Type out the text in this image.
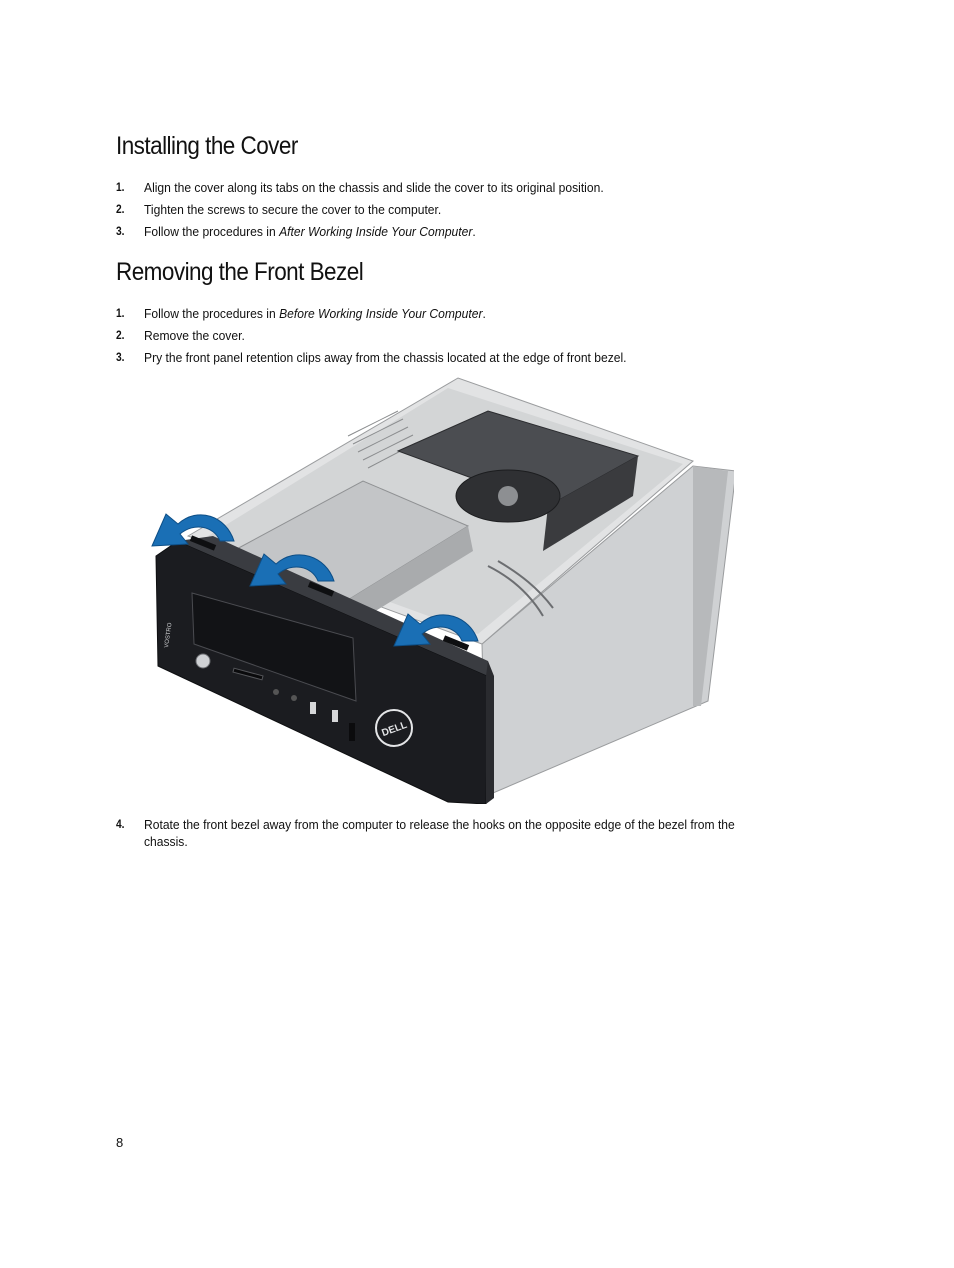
Installing the Cover
1. Align the cover along its tabs on the chassis and slide the cover to its original position.
2. Tighten the screws to secure the cover to the computer.
3. Follow the procedures in After Working Inside Your Computer.
Removing the Front Bezel
1. Follow the procedures in Before Working Inside Your Computer.
2. Remove the cover.
3. Pry the front panel retention clips away from the chassis located at the edge of front bezel.
DELL
VOSTRO
4. Rotate the front bezel away from the computer to release the hooks on the opposite edge of the bezel from the chassis.
8
